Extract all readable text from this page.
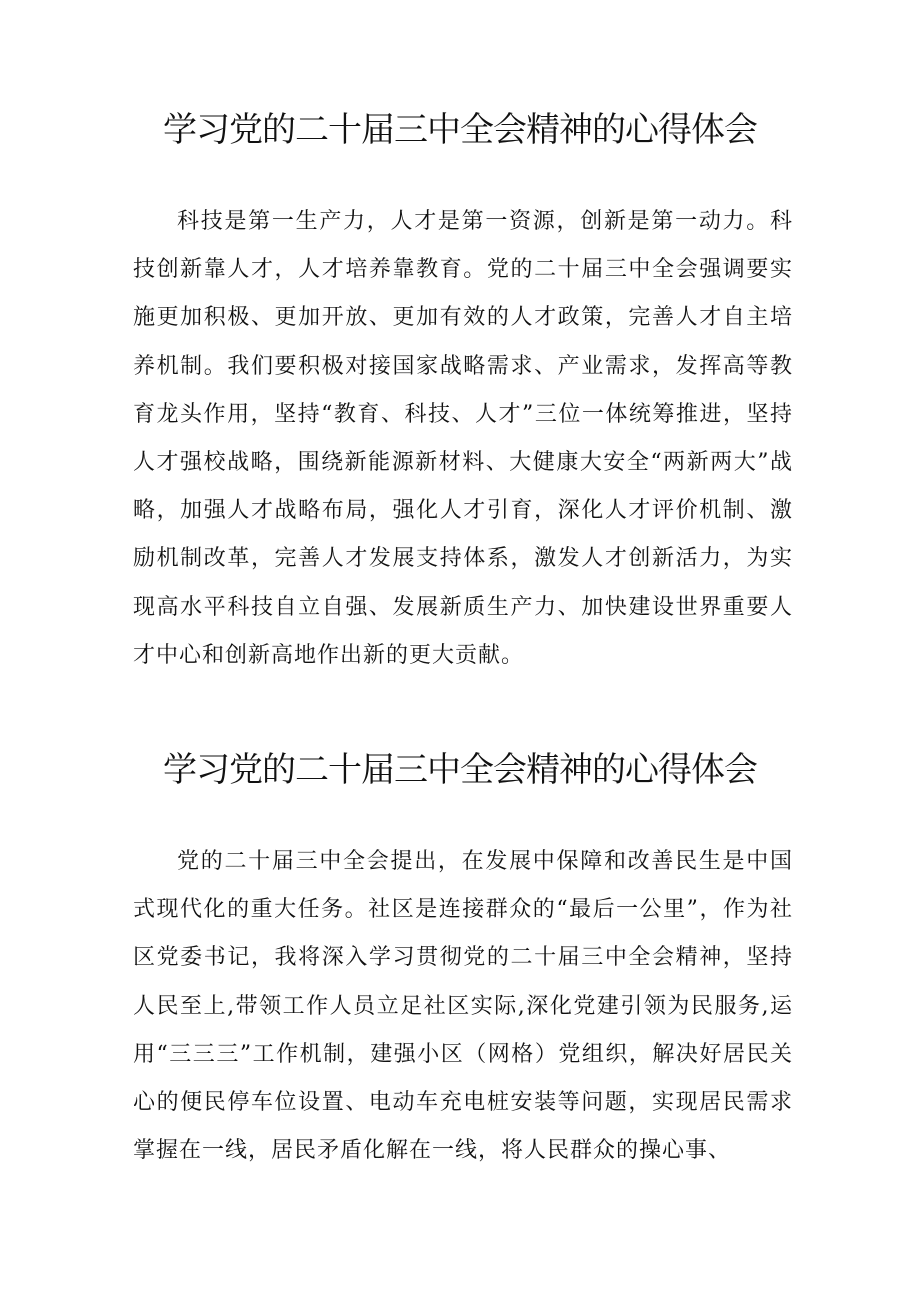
学习党的二十届三中全会精神的心得体会

科技是第一生产力，人才是第一资源，创新是第一动力。科技创新靠人才，人才培养靠教育。党的二十届三中全会强调要实施更加积极、更加开放、更加有效的人才政策，完善人才自主培养机制。我们要积极对接国家战略需求、产业需求，发挥高等教育龙头作用，坚持“教育、科技、人才”三位一体统筹推进，坚持人才强校战略，围绕新能源新材料、大健康大安全“两新两大”战略，加强人才战略布局，强化人才引育，深化人才评价机制、激励机制改革，完善人才发展支持体系，激发人才创新活力，为实现高水平科技自立自强、发展新质生产力、加快建设世界重要人才中心和创新高地作出新的更大贡献。

学习党的二十届三中全会精神的心得体会

党的二十届三中全会提出，在发展中保障和改善民生是中国式现代化的重大任务。社区是连接群众的“最后一公里”，作为社区党委书记，我将深入学习贯彻党的二十届三中全会精神，坚持人民至上,带领工作人员立足社区实际,深化党建引领为民服务,运用“三三三”工作机制，建强小区（网格）党组织，解决好居民关心的便民停车位设置、电动车充电桩安装等问题，实现居民需求掌握在一线，居民矛盾化解在一线，将人民群众的操心事、
